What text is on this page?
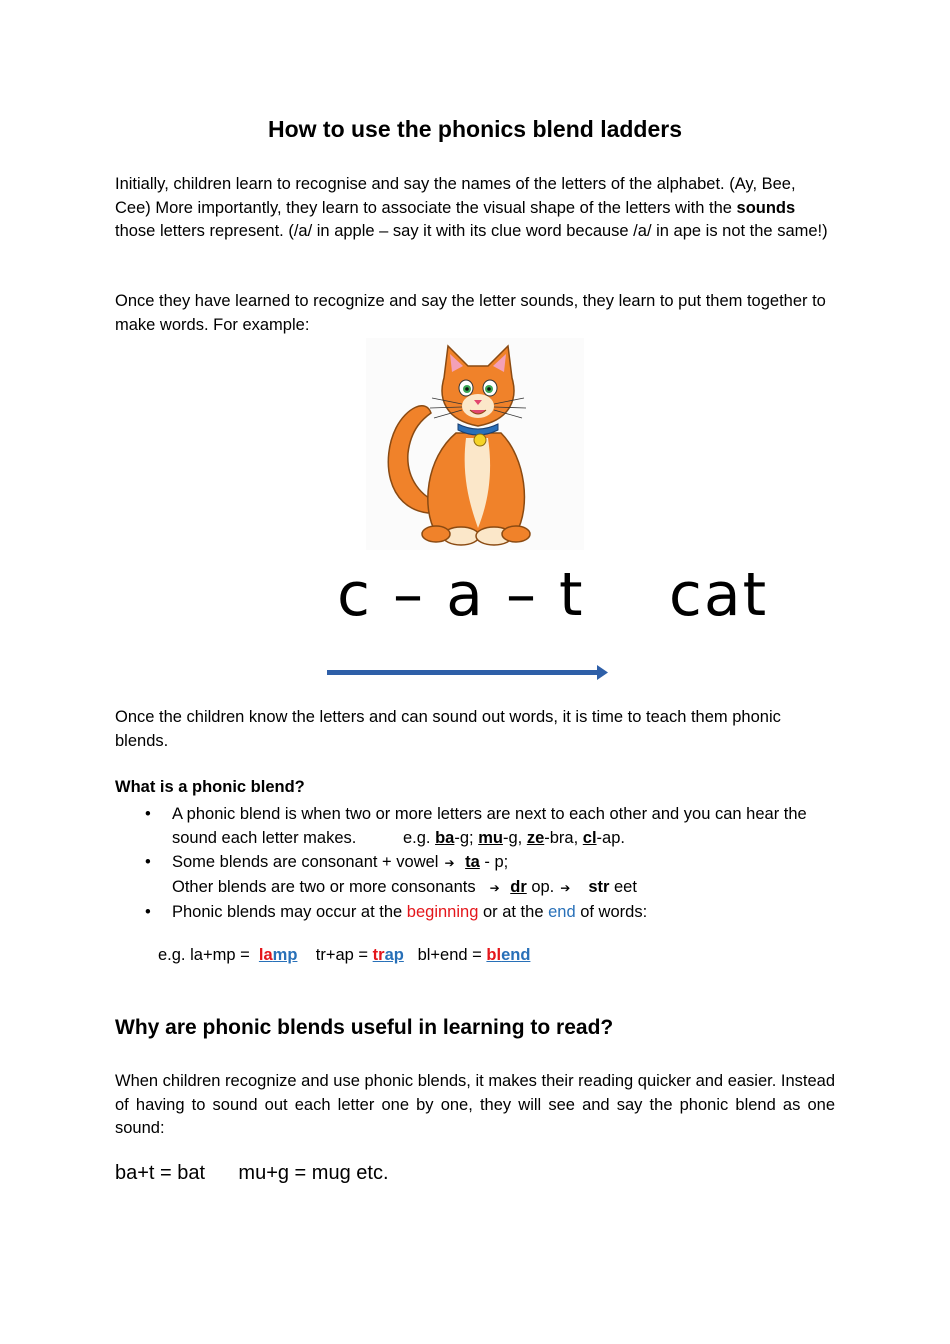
How to use the phonics blend ladders
Initially, children learn to recognise and say the names of the letters of the alphabet. (Ay, Bee, Cee) More importantly, they learn to associate the visual shape of the letters with the sounds those letters represent. (/a/ in apple – say it with its clue word because /a/ in ape is not the same!)
Once they have learned to recognize and say the letter sounds, they learn to put them together to make words. For example:
c – a – t cat
Once the children know the letters and can sound out words, it is time to teach them phonic blends.
What is a phonic blend?
• A phonic blend is when two or more letters are next to each other and you can hear the sound each letter makes.	e.g. ba-g; mu-g, ze-bra, cl-ap.
• Some blends are consonant + vowel ➔ ta - p;
Other blends are two or more consonants ➔ dr op. ➔ str eet
• Phonic blends may occur at the beginning or at the end of words:
e.g. la+mp =  lamp    tr+ap = trap   bl+end = blend
Why are phonic blends useful in learning to read?
When children recognize and use phonic blends, it makes their reading quicker and easier. Instead of having to sound out each letter one by one, they will see and say the phonic blend as one sound:
ba+t = bat      mu+g = mug etc.
